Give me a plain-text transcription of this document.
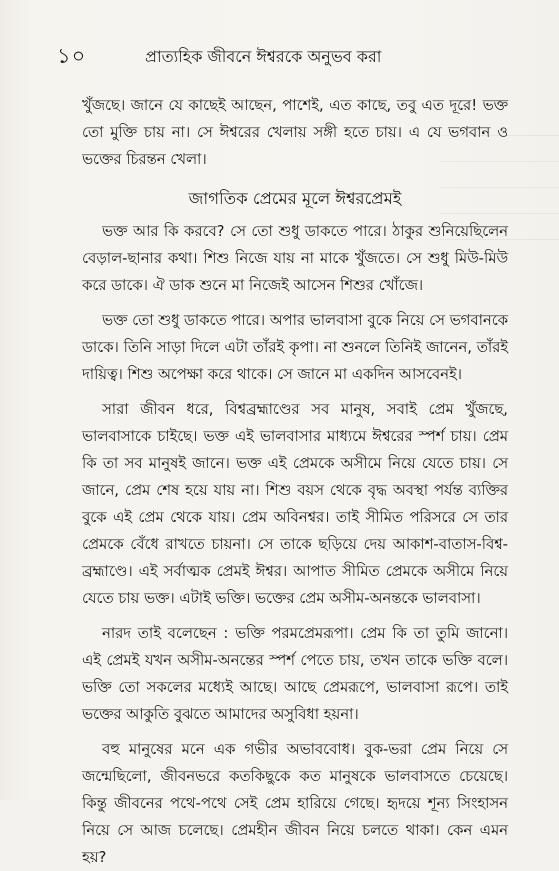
১০	প্রাত্যহিক জীবনে ঈশ্বরকে অনুভব করা

খুঁজছে। জানে যে কাছেই আছেন, পাশেই, এত কাছে, তবু এত দূরে! ভক্ত তো মুক্তি চায় না। সে ঈশ্বরের খেলায় সঙ্গী হতে চায়। এ যে ভগবান ও ভক্তের চিরন্তন খেলা।

জাগতিক প্রেমের মূলে ঈশ্বরপ্রেমই

ভক্ত আর কি করবে? সে তো শুধু ডাকতে পারে। ঠাকুর শুনিয়েছিলেন বেড়াল-ছানার কথা। শিশু নিজে যায় না মাকে খুঁজতে। সে শুধু মিউ-মিউ করে ডাকে। ঐ ডাক শুনে মা নিজেই আসেন শিশুর খোঁজে।

ভক্ত তো শুধু ডাকতে পারে। অপার ভালবাসা বুকে নিয়ে সে ভগবানকে ডাকে। তিনি সাড়া দিলে এটা তাঁরই কৃপা। না শুনলে তিনিই জানেন, তাঁরই দায়িত্ব। শিশু অপেক্ষা করে থাকে। সে জানে মা একদিন আসবেনই।

সারা জীবন ধরে, বিশ্বব্রহ্মাণ্ডের সব মানুষ, সবাই প্রেম খুঁজছে, ভালবাসাকে চাইছে। ভক্ত এই ভালবাসার মাধ্যমে ঈশ্বরের স্পর্শ চায়। প্রেম কি তা সব মানুষই জানে। ভক্ত এই প্রেমকে অসীমে নিয়ে যেতে চায়। সে জানে, প্রেম শেষ হয়ে যায় না। শিশু বয়স থেকে বৃদ্ধ অবস্থা পর্যন্ত ব্যক্তির বুকে এই প্রেম থেকে যায়। প্রেম অবিনশ্বর। তাই সীমিত পরিসরে সে তার প্রেমকে বেঁধে রাখতে চায়না। সে তাকে ছড়িয়ে দেয় আকাশ-বাতাস-বিশ্ব-ব্রহ্মাণ্ডে। এই সর্বাত্মক প্রেমই ঈশ্বর। আপাত সীমিত প্রেমকে অসীমে নিয়ে যেতে চায় ভক্ত। এটাই ভক্তি। ভক্তের প্রেম অসীম-অনন্তকে ভালবাসা।

নারদ তাই বলেছেন : ভক্তি পরমপ্রেমরূপা। প্রেম কি তা তুমি জানো। এই প্রেমই যখন অসীম-অনন্তের স্পর্শ পেতে চায়, তখন তাকে ভক্তি বলে। ভক্তি তো সকলের মধ্যেই আছে। আছে প্রেমরূপে, ভালবাসা রূপে। তাই ভক্তের আকুতি বুঝতে আমাদের অসুবিধা হয়না।

বহু মানুষের মনে এক গভীর অভাববোধ। বুক-ভরা প্রেম নিয়ে সে জন্মেছিলো, জীবনভরে কতকিছুকে কত মানুষকে ভালবাসতে চেয়েছে। কিন্তু জীবনের পথে-পথে সেই প্রেম হারিয়ে গেছে। হৃদয়ে শূন্য সিংহাসন নিয়ে সে আজ চলেছে। প্রেমহীন জীবন নিয়ে চলতে থাকা। কেন এমন হয়?
